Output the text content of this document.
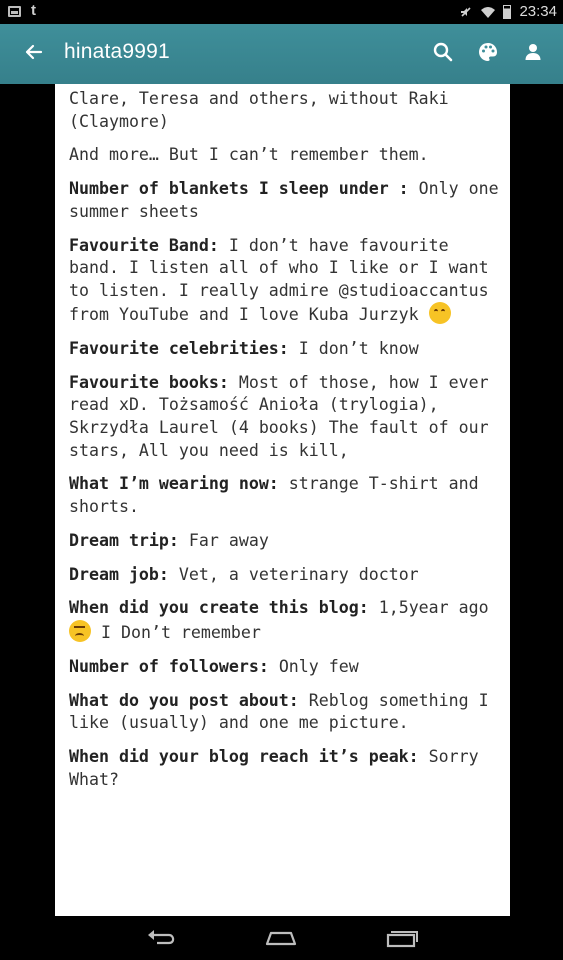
t	23:34
hinata9991
Clare, Teresa and others, without Raki (Claymore)
And more… But I can’t remember them.
Number of blankets I sleep under : Only one summer sheets
Favourite Band: I don’t have favourite band. I listen all of who I like or I want to listen. I really admire @studioaccantus from YouTube and I love Kuba Jurzyk
Favourite celebrities: I don’t know
Favourite books: Most of those, how I ever read xD. Tożsamość Anioła (trylogia), Skrzydła Laurel (4 books) The fault of our stars, All you need is kill,
What I’m wearing now: strange T-shirt and shorts.
Dream trip: Far away
Dream job: Vet, a veterinary doctor
When did you create this blog: 1,5year ago  I Don’t remember
Number of followers: Only few
What do you post about: Reblog something I like (usually) and one me picture.
When did your blog reach it’s peak: Sorry What?
